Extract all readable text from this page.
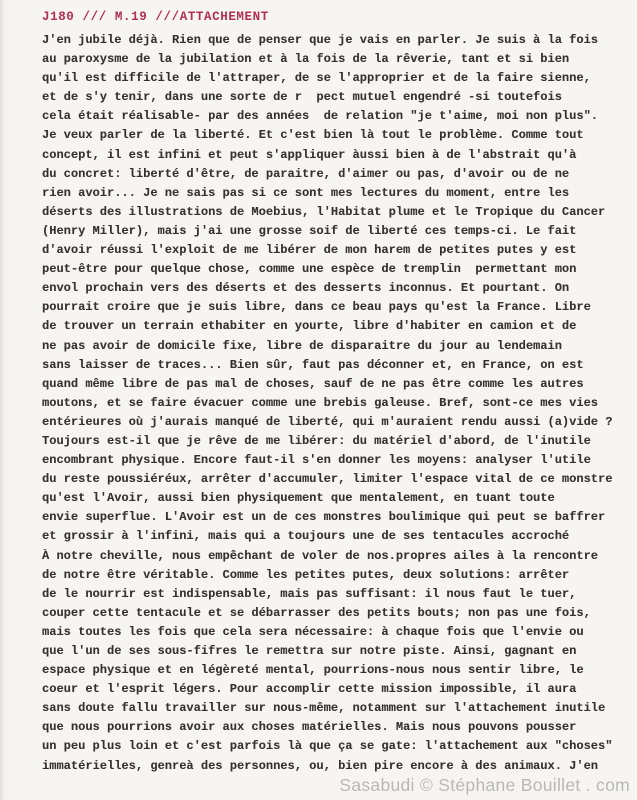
J180 /// M.19 ///ATTACHEMENT
J'en jubile déjà. Rien que de penser que je vais en parler. Je suis à la fois
au paroxysme de la jubilation et à la fois de la rêverie, tant et si bien
qu'il est difficile de l'attraper, de se l'approprier et de la faire sienne,
et de s'y tenir, dans une sorte de r  pect mutuel engendré -si toutefois
cela était réalisable- par des années  de relation "je t'aime, moi non plus".
Je veux parler de la liberté. Et c'est bien là tout le problème. Comme tout
concept, il est infini et peut s'appliquer àussi bien à de l'abstrait qu'à
du concret: liberté d'être, de paraitre, d'aimer ou pas, d'avoir ou de ne
rien avoir... Je ne sais pas si ce sont mes lectures du moment, entre les
déserts des illustrations de Moebius, l'Habitat plume et le Tropique du Cancer
(Henry Miller), mais j'ai une grosse soif de liberté ces temps-ci. Le fait
d'avoir réussi l'exploit de me libérer de mon harem de petites putes y est
peut-être pour quelque chose, comme une espèce de tremplin  permettant mon
envol prochain vers des déserts et des desserts inconnus. Et pourtant. On
pourrait croire que je suis libre, dans ce beau pays qu'est la France. Libre
de trouver un terrain ethabiter en yourte, libre d'habiter en camion et de
ne pas avoir de domicile fixe, libre de disparaitre du jour au lendemain
sans laisser de traces... Bien sûr, faut pas déconner et, en France, on est
quand même libre de pas mal de choses, sauf de ne pas être comme les autres
moutons, et se faire évacuer comme une brebis galeuse. Bref, sont-ce mes vies
entérieures où j'aurais manqué de liberté, qui m'auraient rendu aussi (a)vide ?
Toujours est-il que je rêve de me libérer: du matériel d'abord, de l'inutile
encombrant physique. Encore faut-il s'en donner les moyens: analyser l'utile
du reste poussiéréux, arrêter d'accumuler, limiter l'espace vital de ce monstre
qu'est l'Avoir, aussi bien physiquement que mentalement, en tuant toute
envie superflue. L'Avoir est un de ces monstres boulimique qui peut se baffrer
et grossir à l'infini, mais qui a toujours une de ses tentacules accroché
À notre cheville, nous empêchant de voler de nos.propres ailes à la rencontre
de notre être véritable. Comme les petites putes, deux solutions: arrêter
de le nourrir est indispensable, mais pas suffisant: il nous faut le tuer,
couper cette tentacule et se débarrasser des petits bouts; non pas une fois,
mais toutes les fois que cela sera nécessaire: à chaque fois que l'envie ou
que l'un de ses sous-fifres le remettra sur notre piste. Ainsi, gagnant en
espace physique et en légèreté mental, pourrions-nous nous sentir libre, le
coeur et l'esprit légers. Pour accomplir cette mission impossible, il aura
sans doute fallu travailler sur nous-même, notamment sur l'attachement inutile
que nous pourrions avoir aux choses matérielles. Mais nous pouvons pousser
un peu plus loin et c'est parfois là que ça se gate: l'attachement aux "choses"
immatérielles, genreà des personnes, ou, bien pire encore à des animaux. J'en
Sasabudi © Stéphane Bouillet . com
